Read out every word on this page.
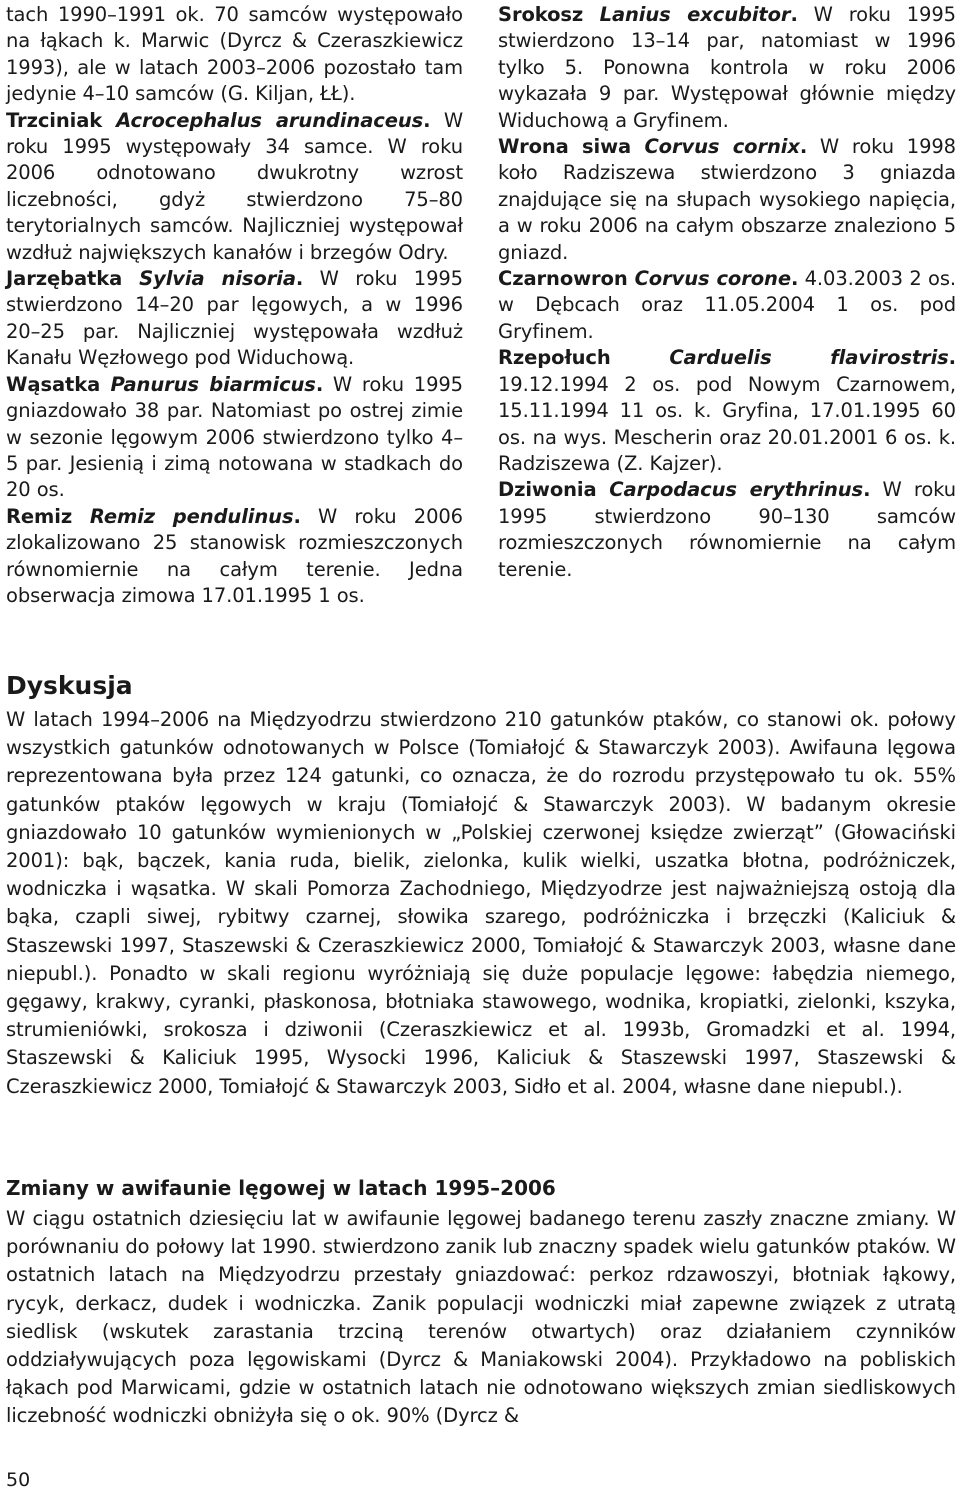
tach 1990–1991 ok. 70 samców występowało na łąkach k. Marwic (Dyrcz & Czeraszkiewicz 1993), ale w latach 2003–2006 pozostało tam jedynie 4–10 samców (G. Kiljan, ŁŁ).

Trzciniak Acrocephalus arundinaceus. W roku 1995 występowały 34 samce. W roku 2006 odnotowano dwukrotny wzrost liczebności, gdyż stwierdzono 75–80 terytorialnych samców. Najliczniej występował wzdłuż największych kanałów i brzegów Odry.

Jarzębatka Sylvia nisoria. W roku 1995 stwierdzono 14–20 par lęgowych, a w 1996 20–25 par. Najliczniej występowała wzdłuż Kanału Węzłowego pod Widuchową.

Wąsatka Panurus biarmicus. W roku 1995 gniazdowało 38 par. Natomiast po ostrej zimie w sezonie lęgowym 2006 stwierdzono tylko 4–5 par. Jesienią i zimą notowana w stadkach do 20 os.

Remiz Remiz pendulinus. W roku 2006 zlokalizowano 25 stanowisk rozmieszczonych równomiernie na całym terenie. Jedna obserwacja zimowa 17.01.1995 1 os.

Srokosz Lanius excubitor. W roku 1995 stwierdzono 13–14 par, natomiast w 1996 tylko 5. Ponowna kontrola w roku 2006 wykazała 9 par. Występował głównie między Widuchową a Gryfinem.

Wrona siwa Corvus cornix. W roku 1998 koło Radziszewa stwierdzono 3 gniazda znajdujące się na słupach wysokiego napięcia, a w roku 2006 na całym obszarze znaleziono 5 gniazd.

Czarnowron Corvus corone. 4.03.2003 2 os. w Dębcach oraz 11.05.2004 1 os. pod Gryfinem.

Rzepołuch	Carduelis flavirostris. 19.12.1994 2 os. pod Nowym Czarnowem, 15.11.1994 11 os. k. Gryfina, 17.01.1995 60 os. na wys. Mescherin oraz 20.01.2001 6 os. k. Radziszewa (Z. Kajzer).

Dziwonia Carpodacus erythrinus. W roku 1995 stwierdzono 90–130 samców rozmieszczonych równomiernie na całym terenie.

Dyskusja

W latach 1994–2006 na Międzyodrzu stwierdzono 210 gatunków ptaków, co stanowi ok. połowy wszystkich gatunków odnotowanych w Polsce (Tomiałojć & Stawarczyk 2003). Awifauna lęgowa reprezentowana była przez 124 gatunki, co oznacza, że do rozrodu przystępowało tu ok. 55% gatunków ptaków lęgowych w kraju (Tomiałojć & Stawarczyk 2003). W badanym okresie gniazdowało 10 gatunków wymienionych w „Polskiej czerwonej księdze zwierząt” (Głowaciński 2001): bąk, bączek, kania ruda, bielik, zielonka, kulik wielki, uszatka błotna, podróżniczek, wodniczka i wąsatka. W skali Pomorza Zachodniego, Międzyodrze jest najważniejszą ostoją dla bąka, czapli siwej, rybitwy czarnej, słowika szarego, podróżniczka i brzęczki (Kaliciuk & Staszewski 1997, Staszewski & Czeraszkiewicz 2000, Tomiałojć & Stawarczyk 2003, własne dane niepubl.). Ponadto w skali regionu wyróżniają się duże populacje lęgowe: łabędzia niemego, gęgawy, krakwy, cyranki, płaskonosa, błotniaka stawowego, wodnika, kropiatki, zielonki, kszyka, strumieniówki, srokosza i dziwonii (Czeraszkiewicz et al. 1993b, Gromadzki et al. 1994, Staszewski & Kaliciuk 1995, Wysocki 1996, Kaliciuk & Staszewski 1997, Staszewski & Czeraszkiewicz 2000, Tomiałojć & Stawarczyk 2003, Sidło et al. 2004, własne dane niepubl.).

Zmiany w awifaunie lęgowej w latach 1995–2006

W ciągu ostatnich dziesięciu lat w awifaunie lęgowej badanego terenu zaszły znaczne zmiany. W porównaniu do połowy lat 1990. stwierdzono zanik lub znaczny spadek wielu gatunków ptaków. W ostatnich latach na Międzyodrzu przestały gniazdować: perkoz rdzawoszyi, błotniak łąkowy, rycyk, derkacz, dudek i wodniczka. Zanik populacji wodniczki miał zapewne związek z utratą siedlisk (wskutek zarastania trzciną terenów otwartych) oraz działaniem czynników oddziaływujących poza lęgowiskami (Dyrcz & Maniakowski 2004). Przykładowo na pobliskich łąkach pod Marwicami, gdzie w ostatnich latach nie odnotowano większych zmian siedliskowych liczebność wodniczki obniżyła się o ok. 90% (Dyrcz &

50
